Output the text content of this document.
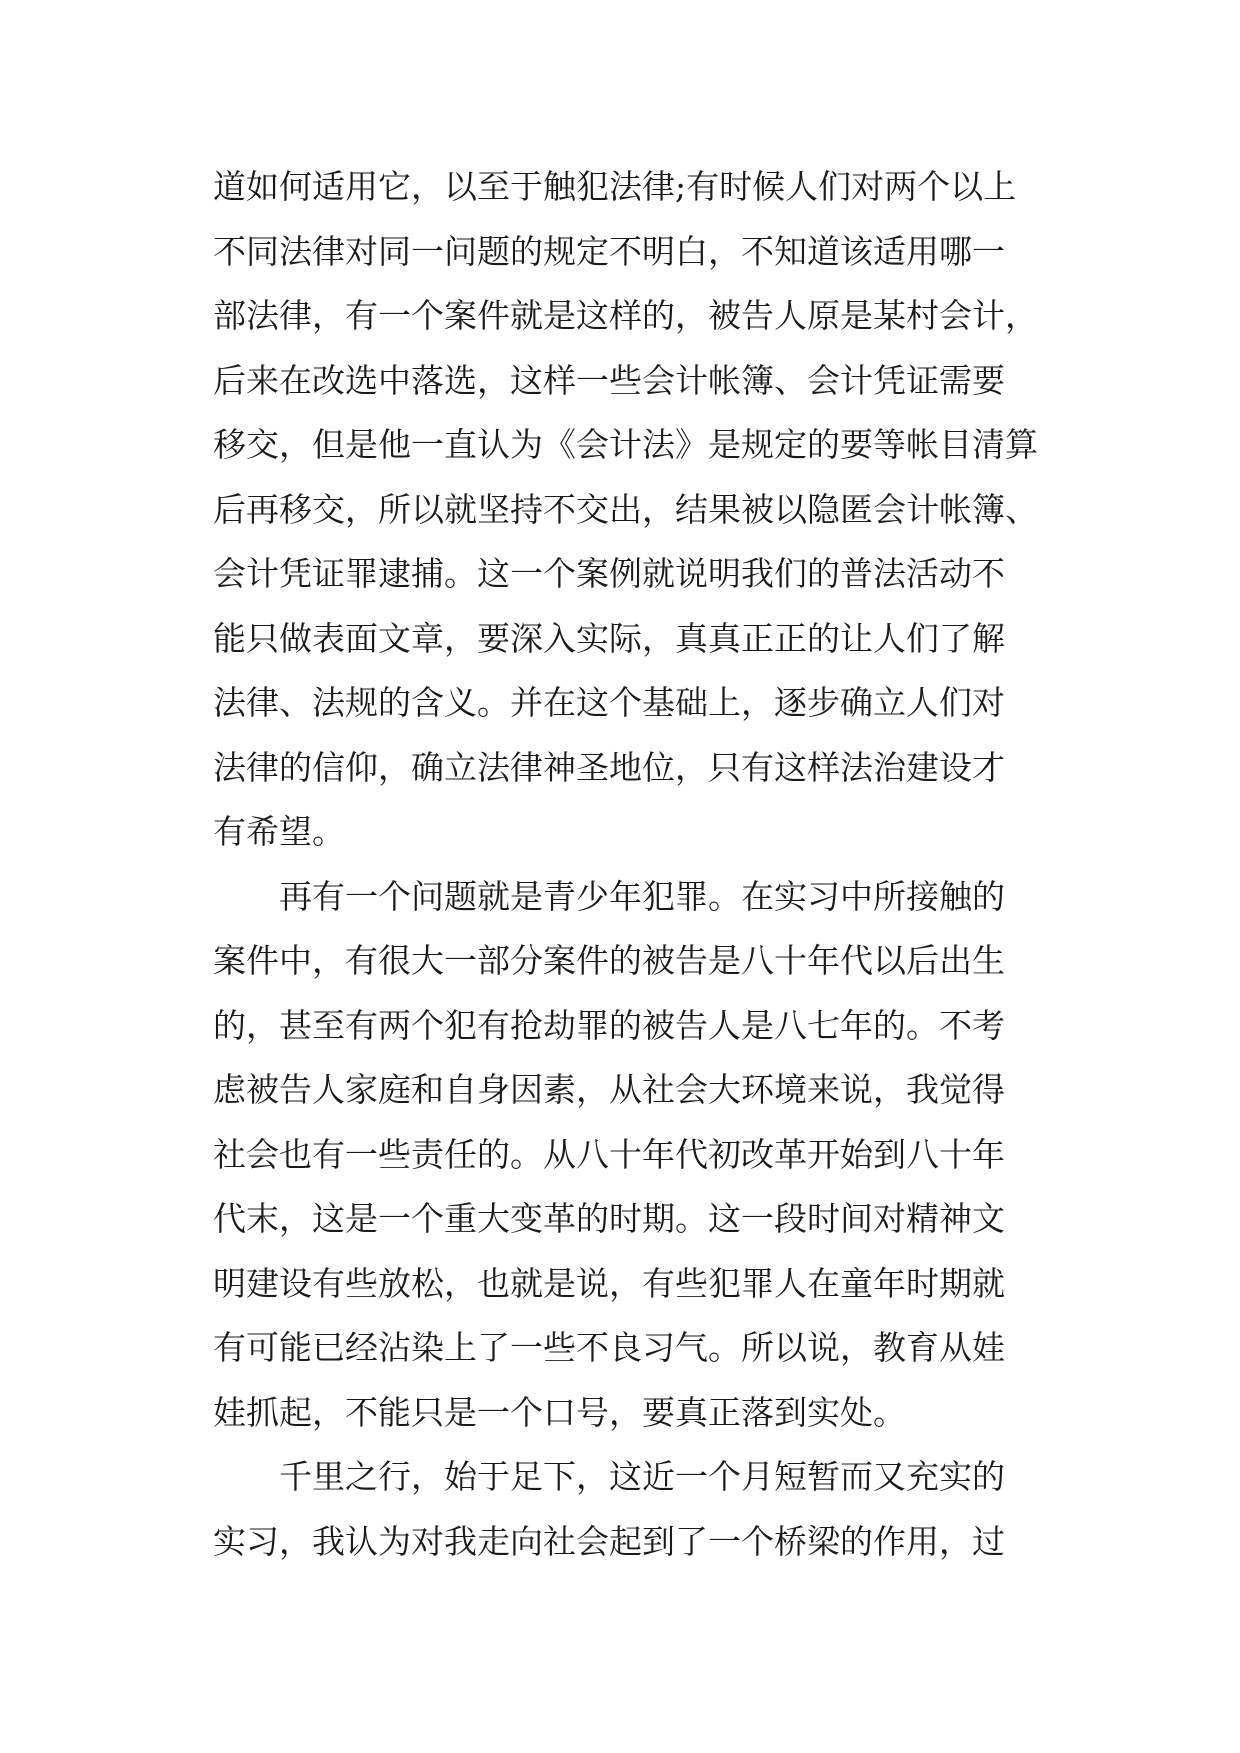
道如何适用它，以至于触犯法律;有时候人们对两个以上
不同法律对同一问题的规定不明白，不知道该适用哪一
部法律，有一个案件就是这样的，被告人原是某村会计，
后来在改选中落选，这样一些会计帐簿、会计凭证需要
移交，但是他一直认为《会计法》是规定的要等帐目清算
后再移交，所以就坚持不交出，结果被以隐匿会计帐簿、
会计凭证罪逮捕。这一个案例就说明我们的普法活动不
能只做表面文章，要深入实际，真真正正的让人们了解
法律、法规的含义。并在这个基础上，逐步确立人们对
法律的信仰，确立法律神圣地位，只有这样法治建设才
有希望。
再有一个问题就是青少年犯罪。在实习中所接触的
案件中，有很大一部分案件的被告是八十年代以后出生
的，甚至有两个犯有抢劫罪的被告人是八七年的。不考
虑被告人家庭和自身因素，从社会大环境来说，我觉得
社会也有一些责任的。从八十年代初改革开始到八十年
代末，这是一个重大变革的时期。这一段时间对精神文
明建设有些放松，也就是说，有些犯罪人在童年时期就
有可能已经沾染上了一些不良习气。所以说，教育从娃
娃抓起，不能只是一个口号，要真正落到实处。
千里之行，始于足下，这近一个月短暂而又充实的
实习，我认为对我走向社会起到了一个桥梁的作用，过
